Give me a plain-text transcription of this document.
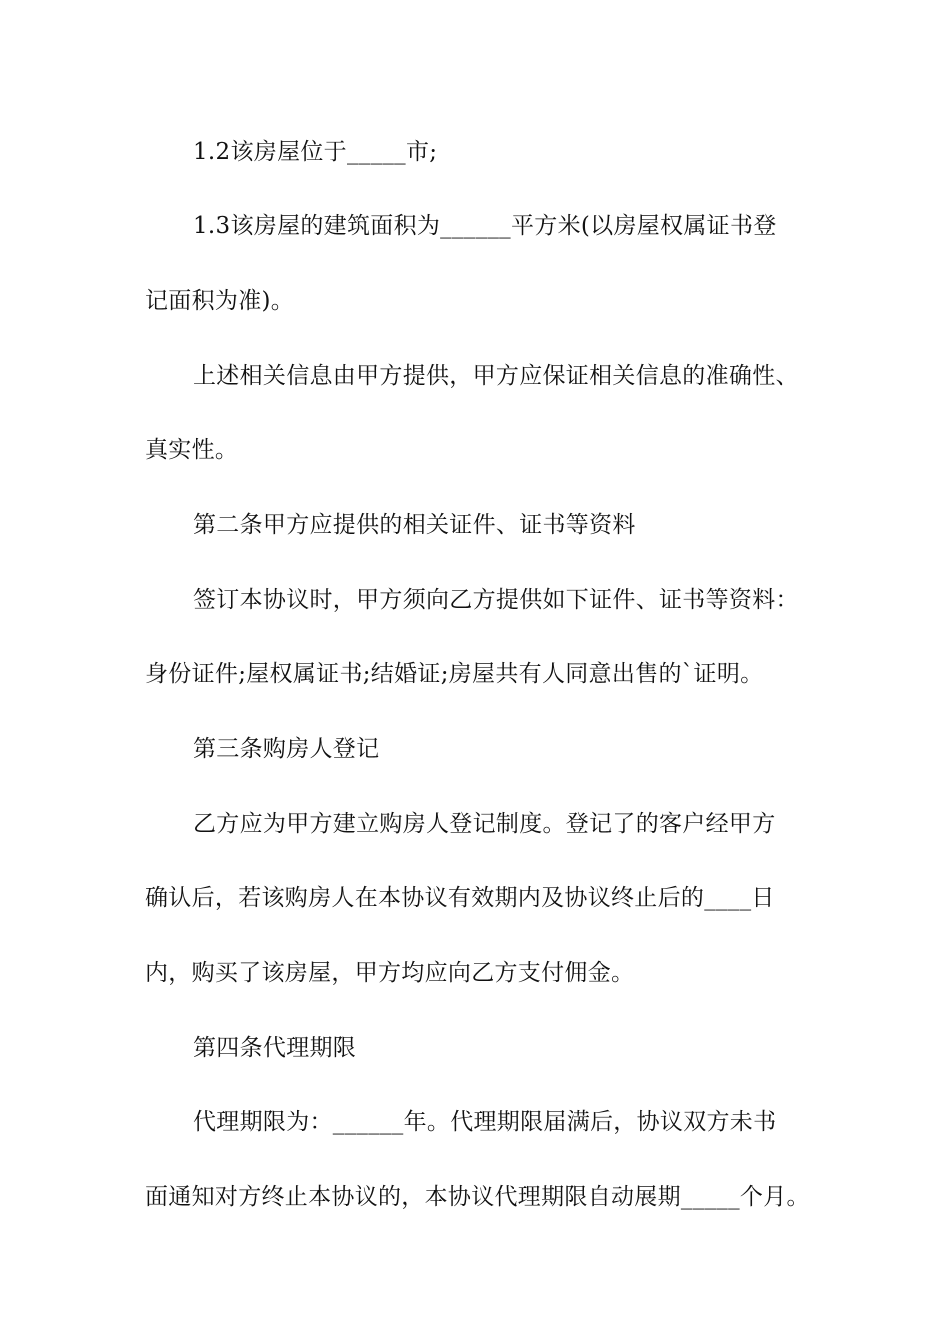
1.2该房屋位于_____市;
1.3该房屋的建筑面积为______平方米(以房屋权属证书登
记面积为准)。
上述相关信息由甲方提供，甲方应保证相关信息的准确性、
真实性。
第二条甲方应提供的相关证件、证书等资料
签订本协议时，甲方须向乙方提供如下证件、证书等资料：
身份证件;屋权属证书;结婚证;房屋共有人同意出售的`证明。
第三条购房人登记
乙方应为甲方建立购房人登记制度。登记了的客户经甲方
确认后，若该购房人在本协议有效期内及协议终止后的____日
内，购买了该房屋，甲方均应向乙方支付佣金。
第四条代理期限
代理期限为：______年。代理期限届满后，协议双方未书
面通知对方终止本协议的，本协议代理期限自动展期_____个月。
